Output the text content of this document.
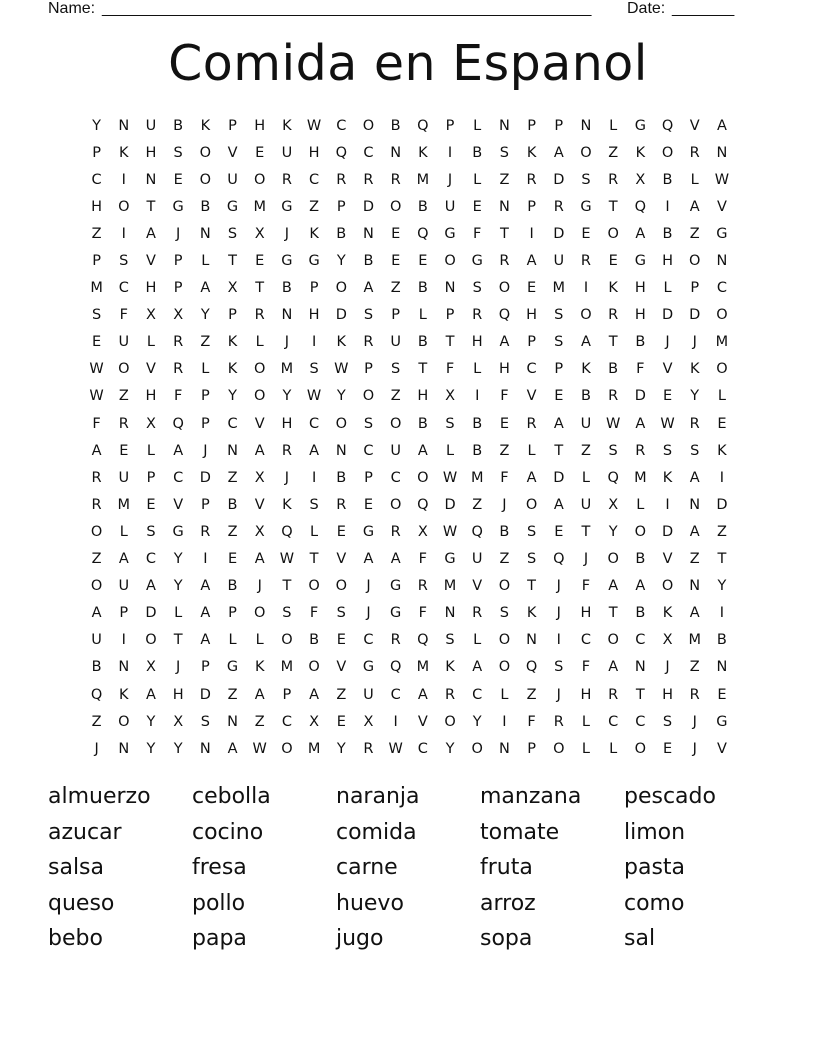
Name: _______________________________________________________ Date: _______
Comida en Espanol
Y	N	U	B	K	P	H	K	W	C	O	B	Q	P	L	N	P	P	N	L	G	Q	V	A
P	K	H	S	O	V	E	U	H	Q	C	N	K	I	B	S	K	A	O	Z	K	O	R	N
C	I	N	E	O	U	O	R	C	R	R	R	M	J	L	Z	R	D	S	R	X	B	L	W
H	O	T	G	B	G	M	G	Z	P	D	O	B	U	E	N	P	R	G	T	Q	I	A	V
Z	I	A	J	N	S	X	J	K	B	N	E	Q	G	F	T	I	D	E	O	A	B	Z	G
P	S	V	P	L	T	E	G	G	Y	B	E	E	O	G	R	A	U	R	E	G	H	O	N
M	C	H	P	A	X	T	B	P	O	A	Z	B	N	S	O	E	M	I	K	H	L	P	C
S	F	X	X	Y	P	R	N	H	D	S	P	L	P	R	Q	H	S	O	R	H	D	D	O
E	U	L	R	Z	K	L	J	I	K	R	U	B	T	H	A	P	S	A	T	B	J	J	M
W O	V	R	L	K	O	M	S	W	P	S	T	F	L	H	C	P	K	B	F	V	K	O
W	Z	H	F	P	Y	O	Y	W	Y	O	Z	H	X	I	F	V	E	B	R	D	E	Y	L
F	R	X	Q	P	C	V	H	C	O	S	O	B	S	B	E	R	A	U	W	A	W	R	E
A	E	L	A	J	N	A	R	A	N	C	U	A	L	B	Z	L	T	Z	S	R	S	S	K
R	U	P	C	D	Z	X	J	I	B	P	C	O W M	F	A	D	L	Q	M	K	A	I
R	M	E	V	P	B	V	K	S	R	E	O	Q	D	Z	J	O	A	U	X	L	I	N	D
O	L	S	G	R	Z	X	Q	L	E	G	R	X	W Q	B	S	E	T	Y	O	D	A	Z
Z	A	C	Y	I	E	A	W	T	V	A	A	F	G	U	Z	S	Q	J	O	B	V	Z	T
O	U	A	Y	A	B	J	T	O	O	J	G	R	M	V	O	T	J	F	A	A	O	N	Y
A	P	D	L	A	P	O	S	F	S	J	G	F	N	R	S	K	J	H	T	B	K	A	I
U	I	O	T	A	L	L	O	B	E	C	R	Q	S	L	O	N	I	C	O	C	X	M	B
B	N	X	J	P	G	K	M	O	V	G	Q	M	K	A	O	Q	S	F	A	N	J	Z	N
Q	K	A	H	D	Z	A	P	A	Z	U	C	A	R	C	L	Z	J	H	R	T	H	R	E
Z	O	Y	X	S	N	Z	C	X	E	X	I	V	O	Y	I	F	R	L	C	C	S	J	G
J	N	Y	Y	N	A	W O	M	Y	R	W	C	Y	O	N	P	O	L	L	O	E	J	V
almuerzo	cebolla	naranja	manzana	pescado
azucar	cocino	comida	tomate	limon
salsa	fresa	carne	fruta	pasta
queso	pollo	huevo	arroz	como
bebo	papa	jugo	sopa	sal
